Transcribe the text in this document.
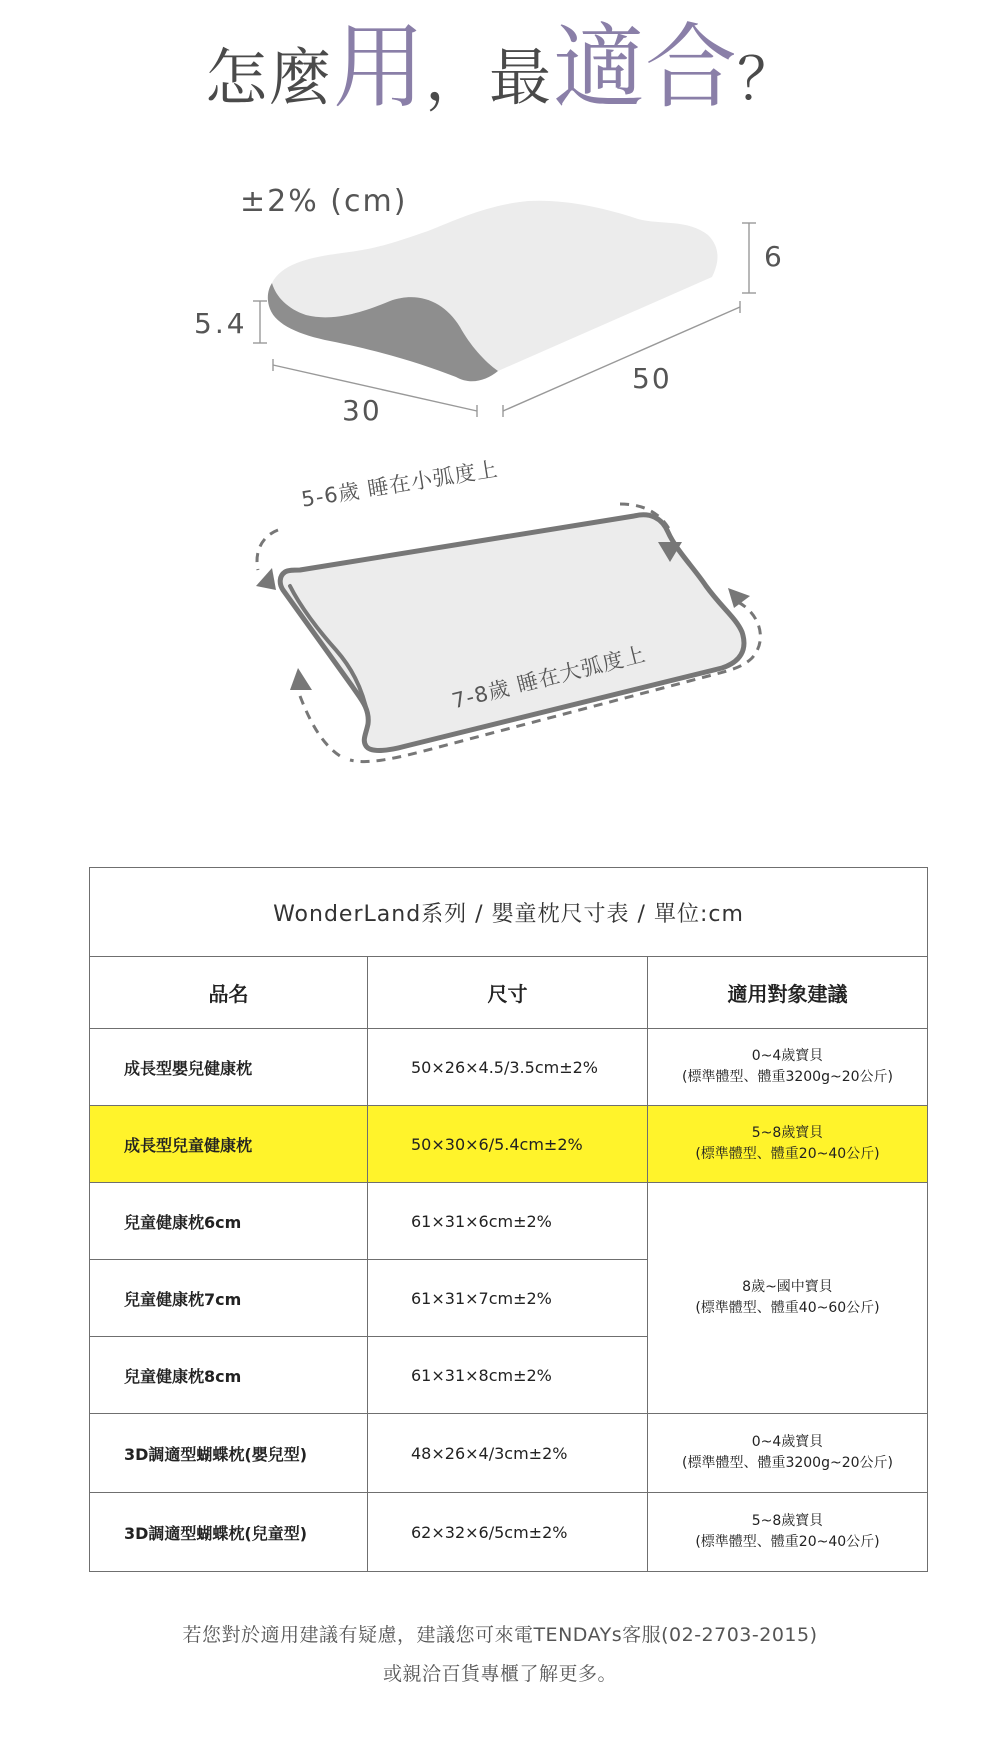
怎麼用，最適合？
±2% (cm)
5.4
6
30
50
5-6歲 睡在小弧度上
7-8歲 睡在大弧度上
WonderLand系列 / 嬰童枕尺寸表 / 單位:cm		
品名	尺寸	適用對象建議
成長型嬰兒健康枕	50×26×4.5/3.5cm±2%	0~4歲寶貝
(標準體型、體重3200g~20公斤)

成長型兒童健康枕	50×30×6/5.4cm±2%	5~8歲寶貝
(標準體型、體重20~40公斤)

兒童健康枕6cm	61×31×6cm±2%	8歲~國中寶貝
(標準體型、體重40~60公斤)

兒童健康枕7cm	61×31×7cm±2%	
兒童健康枕8cm	61×31×8cm±2%	
3D調適型蝴蝶枕(嬰兒型)	48×26×4/3cm±2%	0~4歲寶貝
(標準體型、體重3200g~20公斤)

3D調適型蝴蝶枕(兒童型)	62×32×6/5cm±2%	5~8歲寶貝
(標準體型、體重20~40公斤)
若您對於適用建議有疑慮，建議您可來電TENDAYs客服(02-2703-2015)
或親洽百貨專櫃了解更多。
